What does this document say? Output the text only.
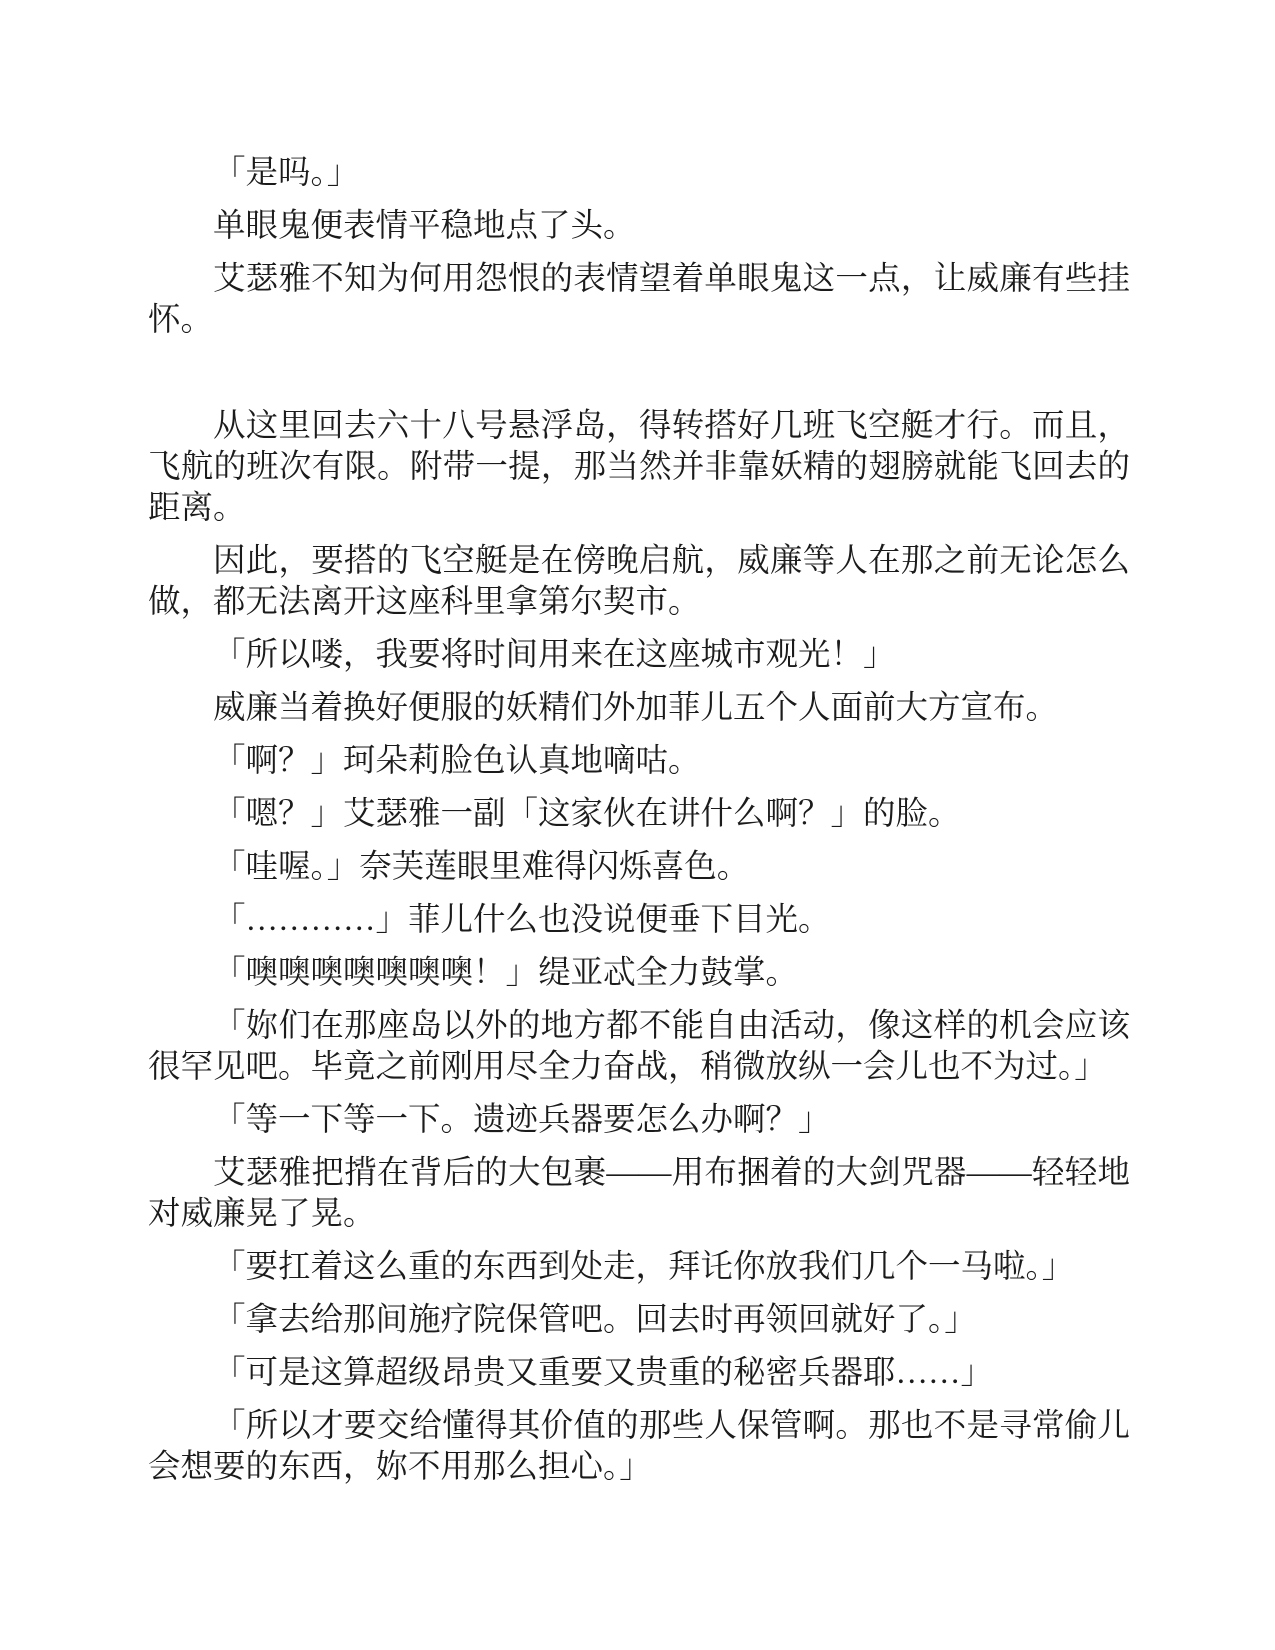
「是吗。」

单眼鬼便表情平稳地点了头。

艾瑟雅不知为何用怨恨的表情望着单眼鬼这一点，让威廉有些挂怀。

从这里回去六十八号悬浮岛，得转搭好几班飞空艇才行。而且，飞航的班次有限。附带一提，那当然并非靠妖精的翅膀就能飞回去的距离。

因此，要搭的飞空艇是在傍晚启航，威廉等人在那之前无论怎么做，都无法离开这座科里拿第尔契市。

「所以喽，我要将时间用来在这座城市观光！」

威廉当着换好便服的妖精们外加菲儿五个人面前大方宣布。

「啊？」珂朵莉脸色认真地嘀咕。

「嗯？」艾瑟雅一副「这家伙在讲什么啊？」的脸。

「哇喔。」奈芙莲眼里难得闪烁喜色。

「…………」菲儿什么也没说便垂下目光。

「噢噢噢噢噢噢噢！」缇亚忒全力鼓掌。

「妳们在那座岛以外的地方都不能自由活动，像这样的机会应该很罕见吧。毕竟之前刚用尽全力奋战，稍微放纵一会儿也不为过。」

「等一下等一下。遗迹兵器要怎么办啊？」

艾瑟雅把揹在背后的大包裹——用布捆着的大剑咒器——轻轻地对威廉晃了晃。

「要扛着这么重的东西到处走，拜讬你放我们几个一马啦。」

「拿去给那间施疗院保管吧。回去时再领回就好了。」

「可是这算超级昂贵又重要又贵重的秘密兵器耶……」

「所以才要交给懂得其价值的那些人保管啊。那也不是寻常偷儿会想要的东西，妳不用那么担心。」
